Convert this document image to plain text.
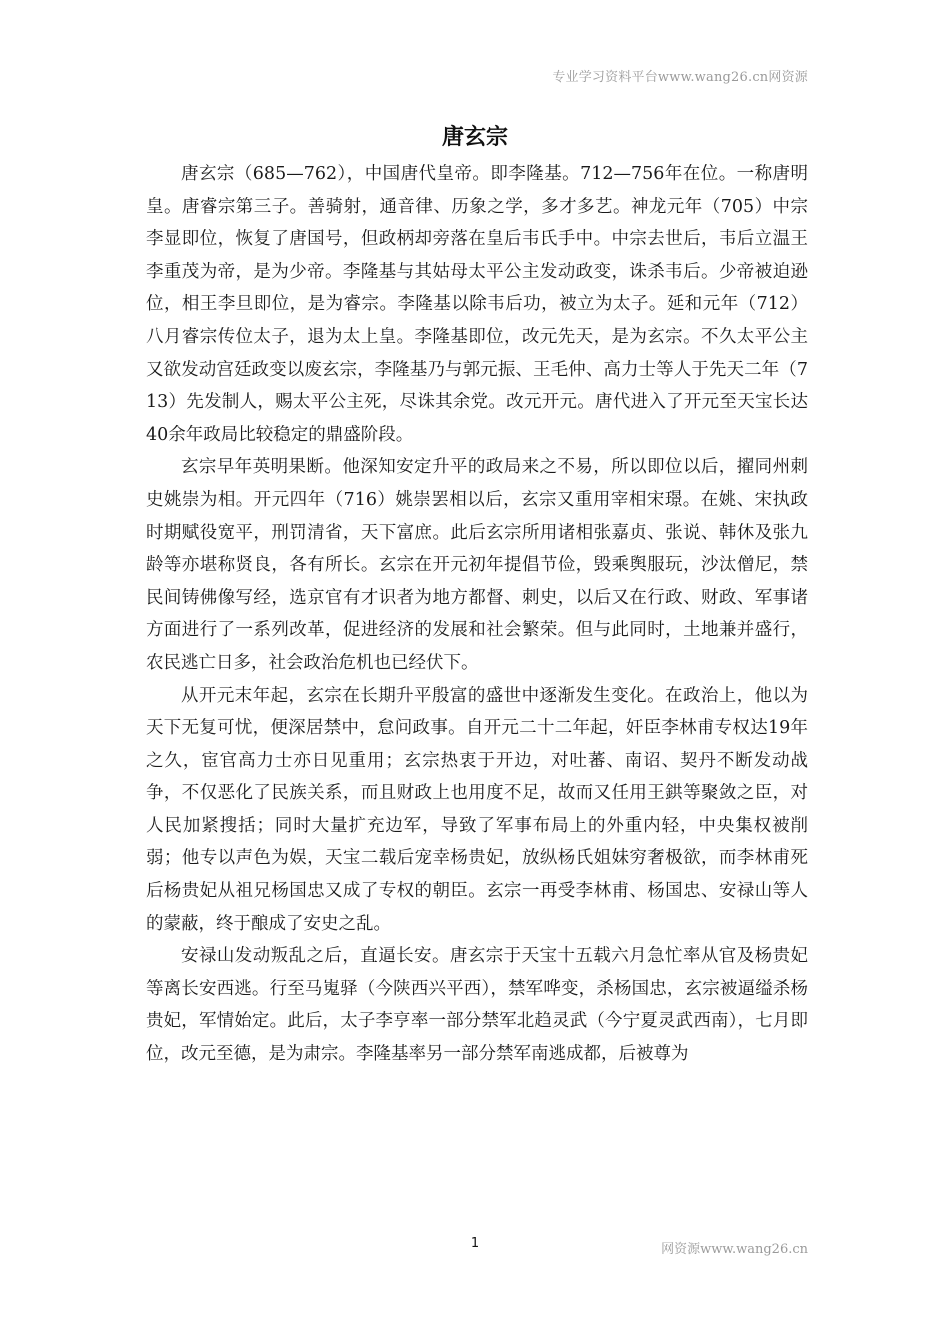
专业学习资料平台www.wang26.cn网资源
唐玄宗

唐玄宗（685—762），中国唐代皇帝。即李隆基。712—756年在位。一称唐明皇。唐睿宗第三子。善骑射，通音律、历象之学，多才多艺。神龙元年（705）中宗李显即位，恢复了唐国号，但政柄却旁落在皇后韦氏手中。中宗去世后，韦后立温王李重茂为帝，是为少帝。李隆基与其姑母太平公主发动政变，诛杀韦后。少帝被迫逊位，相王李旦即位，是为睿宗。李隆基以除韦后功，被立为太子。延和元年（712）八月睿宗传位太子，退为太上皇。李隆基即位，改元先天，是为玄宗。不久太平公主又欲发动宫廷政变以废玄宗，李隆基乃与郭元振、王毛仲、高力士等人于先天二年（713）先发制人，赐太平公主死，尽诛其余党。改元开元。唐代进入了开元至天宝长达40余年政局比较稳定的鼎盛阶段。

玄宗早年英明果断。他深知安定升平的政局来之不易，所以即位以后，擢同州刺史姚崇为相。开元四年（716）姚崇罢相以后，玄宗又重用宰相宋璟。在姚、宋执政时期赋役宽平，刑罚清省，天下富庶。此后玄宗所用诸相张嘉贞、张说、韩休及张九龄等亦堪称贤良，各有所长。玄宗在开元初年提倡节俭，毁乘舆服玩，沙汰僧尼，禁民间铸佛像写经，选京官有才识者为地方都督、刺史，以后又在行政、财政、军事诸方面进行了一系列改革，促进经济的发展和社会繁荣。但与此同时，土地兼并盛行，农民逃亡日多，社会政治危机也已经伏下。

从开元末年起，玄宗在长期升平殷富的盛世中逐渐发生变化。在政治上，他以为天下无复可忧，便深居禁中，怠问政事。自开元二十二年起，奸臣李林甫专权达19年之久，宦官高力士亦日见重用；玄宗热衷于开边，对吐蕃、南诏、契丹不断发动战争，不仅恶化了民族关系，而且财政上也用度不足，故而又任用王鉷等聚敛之臣，对人民加紧搜括；同时大量扩充边军，导致了军事布局上的外重内轻，中央集权被削弱；他专以声色为娱，天宝二载后宠幸杨贵妃，放纵杨氏姐妹穷奢极欲，而李林甫死后杨贵妃从祖兄杨国忠又成了专权的朝臣。玄宗一再受李林甫、杨国忠、安禄山等人的蒙蔽，终于酿成了安史之乱。

安禄山发动叛乱之后，直逼长安。唐玄宗于天宝十五载六月急忙率从官及杨贵妃等离长安西逃。行至马嵬驿（今陕西兴平西），禁军哗变，杀杨国忠，玄宗被逼缢杀杨贵妃，军情始定。此后，太子李亨率一部分禁军北趋灵武（今宁夏灵武西南），七月即位，改元至德，是为肃宗。李隆基率另一部分禁军南逃成都，后被尊为

1	网资源www.wang26.cn
